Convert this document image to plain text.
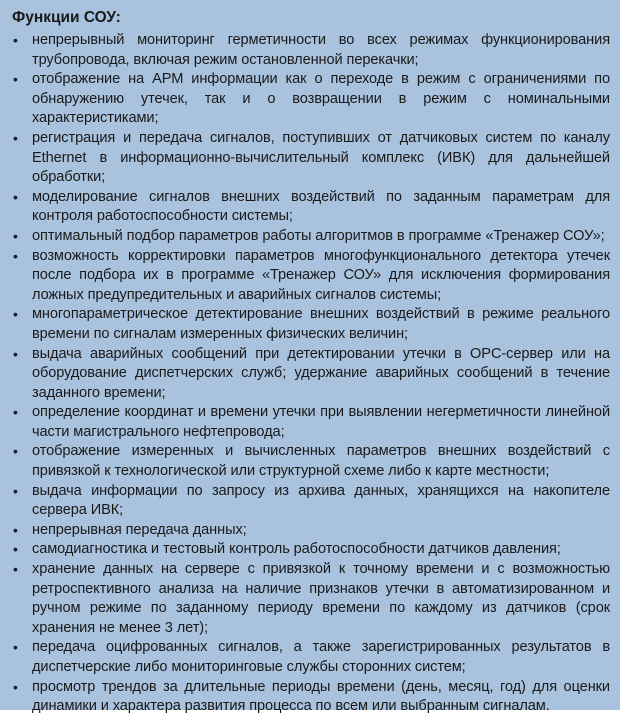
Функции СОУ:
• непрерывный мониторинг герметичности во всех режимах функционирования трубопровода, включая режим остановленной перекачки;
• отображение на АРМ информации как о переходе в режим с ограничениями по обнаружению утечек, так и о возвращении в режим с номинальными характеристиками;
• регистрация и передача сигналов, поступивших от датчиковых систем по каналу Ethernet в информационно-вычислительный комплекс (ИВК) для дальнейшей обработки;
• моделирование сигналов внешних воздействий по заданным параметрам для контроля работоспособности системы;
• оптимальный подбор параметров работы алгоритмов в программе «Тренажер СОУ»;
• возможность корректировки параметров многофункционального детектора утечек после подбора их в программе «Тренажер СОУ» для исключения формирования ложных предупредительных и аварийных сигналов системы;
• многопараметрическое детектирование внешних воздействий в режиме реального времени по сигналам измеренных физических величин;
• выдача аварийных сообщений при детектировании утечки в OPC-сервер или на оборудование диспетчерских служб; удержание аварийных сообщений в течение заданного времени;
• определение координат и времени утечки при выявлении негерметичности линейной части магистрального нефтепровода;
• отображение измеренных и вычисленных параметров внешних воздействий с привязкой к технологической или структурной схеме либо к карте местности;
• выдача информации по запросу из архива данных, хранящихся на накопителе сервера ИВК;
• непрерывная передача данных;
• самодиагностика и тестовый контроль работоспособности датчиков давления;
• хранение данных на сервере с привязкой к точному времени и с возможностью ретроспективного анализа на наличие признаков утечки в автоматизированном и ручном режиме по заданному периоду времени по каждому из датчиков (срок хранения не менее 3 лет);
• передача оцифрованных сигналов, а также зарегистрированных результатов в диспетчерские либо мониторинговые службы сторонних систем;
• просмотр трендов за длительные периоды времени (день, месяц, год) для оценки динамики и характера развития процесса по всем или выбранным сигналам.
